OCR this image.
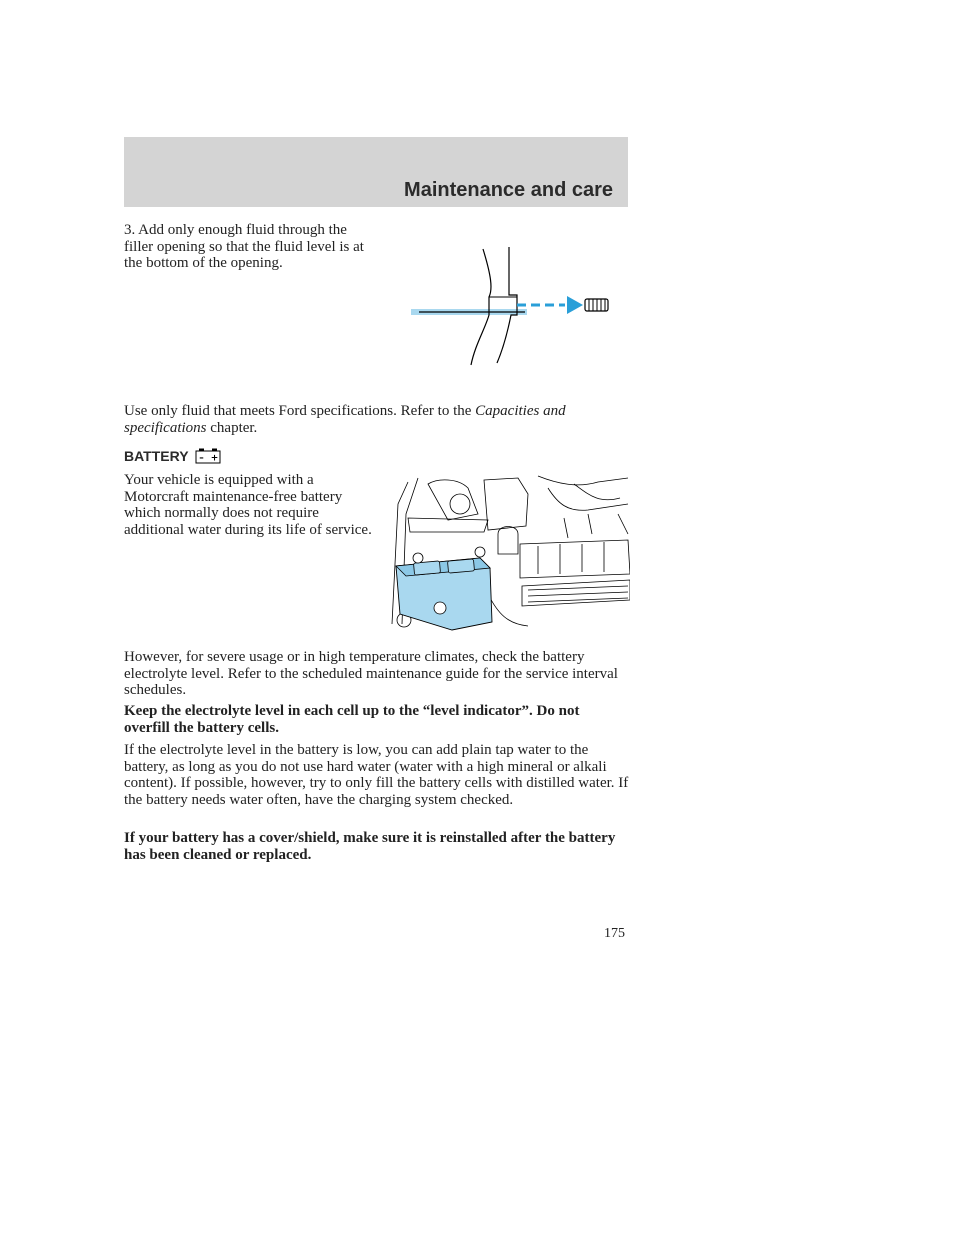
Maintenance and care
3. Add only enough fluid through the filler opening so that the fluid level is at the bottom of the opening.
Use only fluid that meets Ford specifications. Refer to the Capacities and specifications chapter.
BATTERY – +
Your vehicle is equipped with a Motorcraft maintenance-free battery which normally does not require additional water during its life of service.
However, for severe usage or in high temperature climates, check the battery electrolyte level. Refer to the scheduled maintenance guide for the service interval schedules.
Keep the electrolyte level in each cell up to the “level indicator”. Do not overfill the battery cells.
If the electrolyte level in the battery is low, you can add plain tap water to the battery, as long as you do not use hard water (water with a high mineral or alkali content). If possible, however, try to only fill the battery cells with distilled water. If the battery needs water often, have the charging system checked.
If your battery has a cover/shield, make sure it is reinstalled after the battery has been cleaned or replaced.
175
